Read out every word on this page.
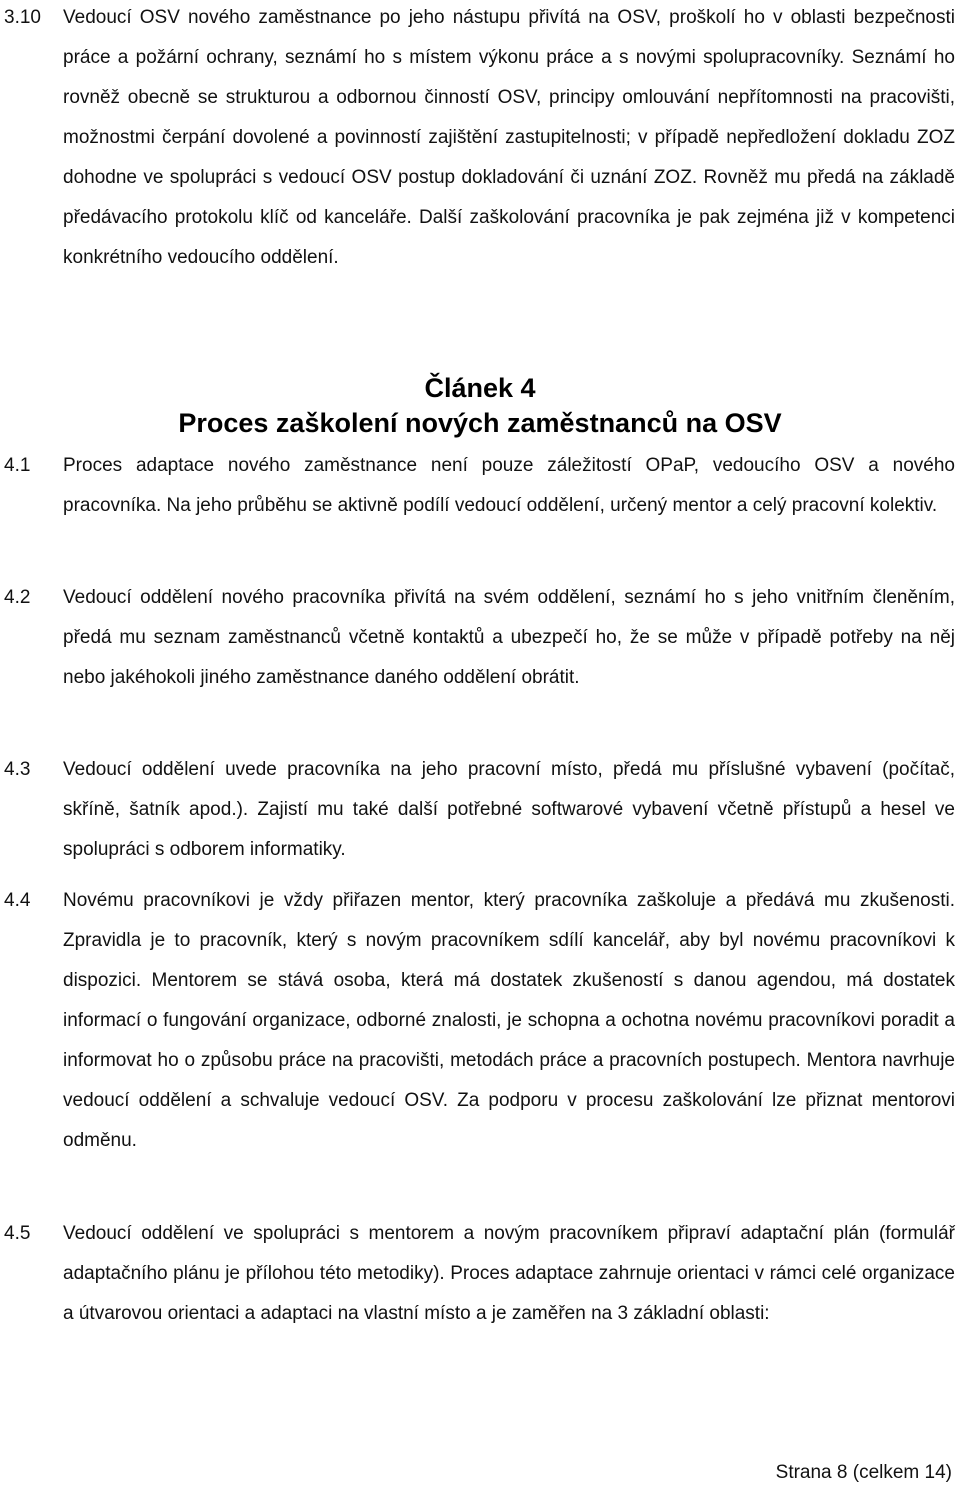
3.10	Vedoucí OSV nového zaměstnance po jeho nástupu přivítá na OSV, proškolí ho v oblasti bezpečnosti práce a požární ochrany, seznámí ho s místem výkonu práce a s novými spolupracovníky. Seznámí ho rovněž obecně se strukturou a odbornou činností OSV, principy omlouvání nepřítomnosti na pracovišti, možnostmi čerpání dovolené a povinností zajištění zastupitelnosti; v případě nepředložení dokladu ZOZ dohodne ve spolupráci s vedoucí OSV postup dokladování či uznání ZOZ. Rovněž mu předá na základě předávacího protokolu klíč od kanceláře. Další zaškolování pracovníka je pak zejména již v kompetenci konkrétního vedoucího oddělení.
Článek 4
Proces zaškolení nových zaměstnanců na OSV
4.1	Proces adaptace nového zaměstnance není pouze záležitostí OPaP, vedoucího OSV a nového pracovníka. Na jeho průběhu se aktivně podílí vedoucí oddělení, určený mentor a celý pracovní kolektiv.
4.2	Vedoucí oddělení nového pracovníka přivítá na svém oddělení, seznámí ho s jeho vnitřním členěním, předá mu seznam zaměstnanců včetně kontaktů a ubezpečí ho, že se může v případě potřeby na něj nebo jakéhokoli jiného zaměstnance daného oddělení obrátit.
4.3	Vedoucí oddělení uvede pracovníka na jeho pracovní místo, předá mu příslušné vybavení (počítač, skříně, šatník apod.). Zajistí mu také další potřebné softwarové vybavení včetně přístupů a hesel ve spolupráci s odborem informatiky.
4.4	Novému pracovníkovi je vždy přiřazen mentor, který pracovníka zaškoluje a předává mu zkušenosti. Zpravidla je to pracovník, který s novým pracovníkem sdílí kancelář, aby byl novému pracovníkovi k dispozici. Mentorem se stává osoba, která má dostatek zkušeností s danou agendou, má dostatek informací o fungování organizace, odborné znalosti, je schopna a ochotna novému pracovníkovi poradit a informovat ho o způsobu práce na pracovišti, metodách práce a pracovních postupech. Mentora navrhuje vedoucí oddělení a schvaluje vedoucí OSV. Za podporu v procesu zaškolování lze přiznat mentorovi odměnu.
4.5	Vedoucí oddělení ve spolupráci s mentorem a novým pracovníkem připraví adaptační plán (formulář adaptačního plánu je přílohou této metodiky). Proces adaptace zahrnuje orientaci v rámci celé organizace a útvarovou orientaci a adaptaci na vlastní místo a je zaměřen na 3 základní oblasti:
Strana 8 (celkem 14)
